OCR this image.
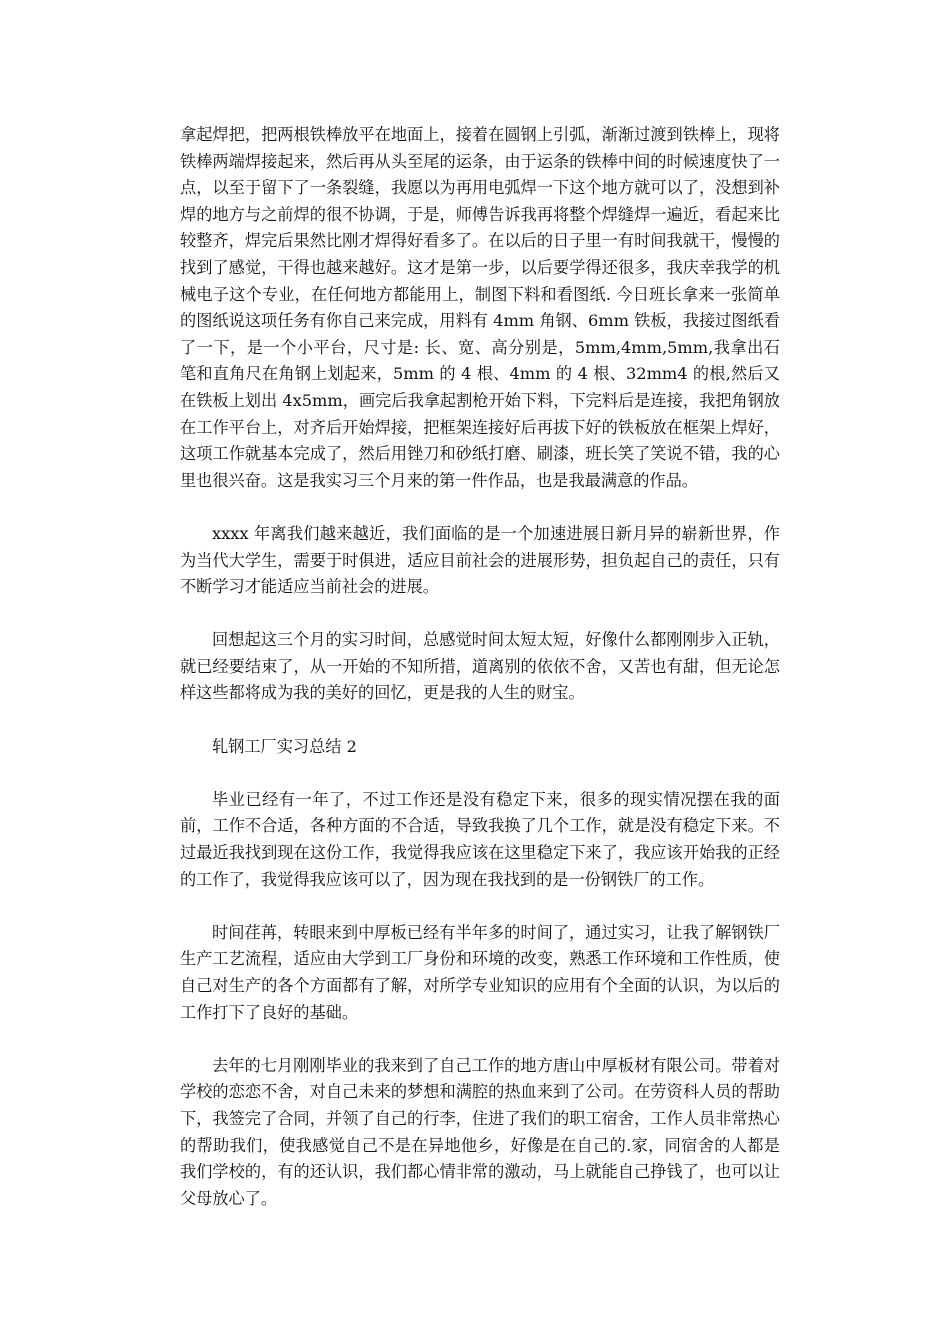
拿起焊把，把两根铁棒放平在地面上，接着在圆钢上引弧，渐渐过渡到铁棒上，现将铁棒两端焊接起来，然后再从头至尾的运条，由于运条的铁棒中间的时候速度快了一点，以至于留下了一条裂缝，我愿以为再用电弧焊一下这个地方就可以了，没想到补焊的地方与之前焊的很不协调，于是，师傅告诉我再将整个焊缝焊一遍近，看起来比较整齐，焊完后果然比刚才焊得好看多了。在以后的日子里一有时间我就干，慢慢的找到了感觉，干得也越来越好。这才是第一步，以后要学得还很多，我庆幸我学的机械电子这个专业，在任何地方都能用上，制图下料和看图纸. 今日班长拿来一张简单的图纸说这项任务有你自己来完成，用料有 4mm 角钢、6mm 铁板，我接过图纸看了一下，是一个小平台，尺寸是: 长、宽、高分别是，5mm,4mm,5mm,我拿出石笔和直角尺在角钢上划起来，5mm 的 4 根、4mm 的 4 根、32mm4 的根,然后又在铁板上划出 4x5mm，画完后我拿起割枪开始下料，下完料后是连接，我把角钢放在工作平台上，对齐后开始焊接，把框架连接好后再拔下好的铁板放在框架上焊好，这项工作就基本完成了，然后用锉刀和砂纸打磨、刷漆，班长笑了笑说不错，我的心里也很兴奋。这是我实习三个月来的第一件作品，也是我最满意的作品。

xxxx 年离我们越来越近，我们面临的是一个加速进展日新月异的崭新世界，作为当代大学生，需要于时俱进，适应目前社会的进展形势，担负起自己的责任，只有不断学习才能适应当前社会的进展。

回想起这三个月的实习时间，总感觉时间太短太短，好像什么都刚刚步入正轨，就已经要结束了，从一开始的不知所措，道离别的依依不舍，又苦也有甜，但无论怎样这些都将成为我的美好的回忆，更是我的人生的财宝。

轧钢工厂实习总结 2

毕业已经有一年了，不过工作还是没有稳定下来，很多的现实情况摆在我的面前，工作不合适，各种方面的不合适，导致我换了几个工作，就是没有稳定下来。不过最近我找到现在这份工作，我觉得我应该在这里稳定下来了，我应该开始我的正经的工作了，我觉得我应该可以了，因为现在我找到的是一份钢铁厂的工作。

时间荏苒，转眼来到中厚板已经有半年多的时间了，通过实习，让我了解钢铁厂生产工艺流程，适应由大学到工厂身份和环境的改变，熟悉工作环境和工作性质，使自己对生产的各个方面都有了解，对所学专业知识的应用有个全面的认识，为以后的工作打下了良好的基础。

去年的七月刚刚毕业的我来到了自己工作的地方唐山中厚板材有限公司。带着对学校的恋恋不舍，对自己未来的梦想和满腔的热血来到了公司。在劳资科人员的帮助下，我签完了合同，并领了自己的行李，住进了我们的职工宿舍，工作人员非常热心的帮助我们，使我感觉自己不是在异地他乡，好像是在自己的.家，同宿舍的人都是我们学校的，有的还认识，我们都心情非常的激动，马上就能自己挣钱了，也可以让父母放心了。
